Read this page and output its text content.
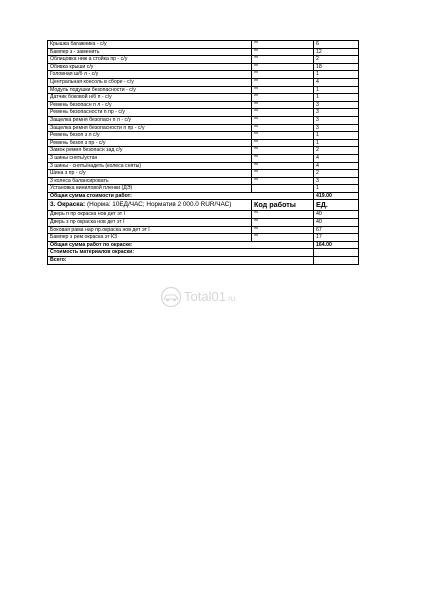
Крышка багажника - с/у	**	6
Бампер з - заменить	**	12
Облицовка ниж а стойка пр - с/у	**	2
Обивка крыши с/у	**	18
Головная ш/б л - с/у	**	1
Центральная консоль в сборе - с/у	**	4
Модуль подушки безопасности - с/у	**	1
Датчик боковой н/б п - с/у	**	1
Ремень безопасн п л - с/у	**	3
Ремень безопасности п пр - с/у	**	3
Защелка ремня безопасн п л - с/у	**	3
Защелка ремня безопасности п пр - с/у	**	3
Ремень безоп з л с/у	**	1
Ремень безоп з пр - с/у	**	1
Замок ремня безопасн зад с/у	**	2
3 шины снять/устан	**	4
3 шины - снять/надеть (колеса сняты)	**	4
Шина з пр - с/у	**	2
3 колеса балансировать	**	3
Установка виниловой пленки (ДЭ)		1
Общая сумма стоимости работ:		419.00
3. Окраска: (Норма: 10ЕД/ЧАС; Норматив 2 000.0 RUR/ЧАС)	Код работы	ЕД.
Дверь п пр окраска нов дет эт I	**	40
Дверь з пр окраска нов дет эт I	**	40
Боковая рама нар пр.окраска нов дет эт I	**	67
Бампер з рем окраска эт К3	**	17
Общая сумма работ по окраске:		164.00
Стоимость материалов окраски:		
Всего:		
Total01.ru
